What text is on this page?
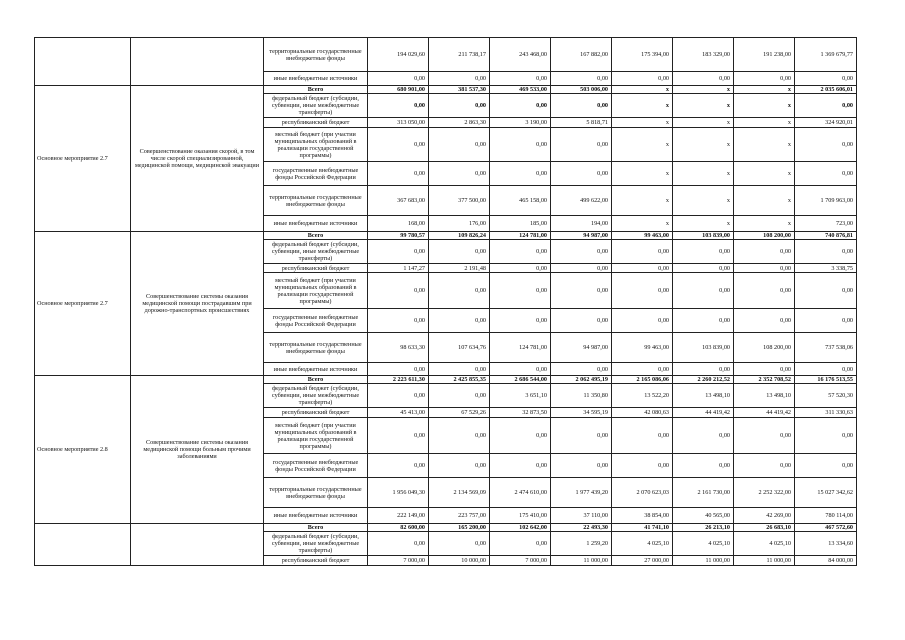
		территориальные государственные внебюджетные фонды	194 029,60	211 738,17	243 468,00	167 882,00	175 394,00	183 329,00	191 238,00	1 369 679,77
		иные внебюджетные источники	0,00	0,00	0,00	0,00	0,00	0,00	0,00	0,00
Основное мероприятие 2.7	Совершенствование оказания скорой, в том числе скорой специализированной, медицинской помощи, медицинской эвакуации	Всего	680 901,00	381 537,30	469 533,00	503 006,00	x	x	x	2 035 606,01
		федеральный бюджет (субсидии, субвенции, иные межбюджетные трансферты)	0,00	0,00	0,00	0,00	x	x	x	0,00
		республиканский бюджет	313 050,00	2 863,30	3 190,00	5 818,71	x	x	x	324 920,01
		местный бюджет (при участии муниципальных образований в реализации государственной программы)	0,00	0,00	0,00	0,00	x	x	x	0,00
		государственные внебюджетные фонды Российской Федерации	0,00	0,00	0,00	0,00	x	x	x	0,00
		территориальные государственные внебюджетные фонды	367 683,00	377 500,00	465 158,00	499 622,00	x	x	x	1 709 963,00
		иные внебюджетные источники	168,00	176,00	185,00	194,00	x	x	x	723,00
Основное мероприятие 2.7	Совершенствование системы оказания медицинской помощи пострадавшим при дорожно-транспортных происшествиях	Всего	99 780,57	109 826,24	124 781,00	94 987,00	99 463,00	103 839,00	108 200,00	740 876,81
		федеральный бюджет (субсидии, субвенции, иные межбюджетные трансферты)	0,00	0,00	0,00	0,00	0,00	0,00	0,00	0,00
		республиканский бюджет	1 147,27	2 191,48	0,00	0,00	0,00	0,00	0,00	3 338,75
		местный бюджет (при участии муниципальных образований в реализации государственной программы)	0,00	0,00	0,00	0,00	0,00	0,00	0,00	0,00
		государственные внебюджетные фонды Российской Федерации	0,00	0,00	0,00	0,00	0,00	0,00	0,00	0,00
		территориальные государственные внебюджетные фонды	98 633,30	107 634,76	124 781,00	94 987,00	99 463,00	103 839,00	108 200,00	737 538,06
		иные внебюджетные источники	0,00	0,00	0,00	0,00	0,00	0,00	0,00	0,00
Основное мероприятие 2.8	Совершенствование системы оказания медицинской помощи больным прочими заболеваниями	Всего	2 223 611,30	2 425 855,35	2 686 544,00	2 062 495,19	2 165 086,06	2 260 212,52	2 352 708,52	16 176 513,55
		федеральный бюджет (субсидии, субвенции, иные межбюджетные трансферты)	0,00	0,00	3 651,10	11 350,80	13 522,20	13 498,10	13 498,10	57 520,30
		республиканский бюджет	45 413,00	67 529,26	32 873,50	34 595,19	42 080,63	44 419,42	44 419,42	311 330,63
		местный бюджет (при участии муниципальных образований в реализации государственной программы)	0,00	0,00	0,00	0,00	0,00	0,00	0,00	0,00
		государственные внебюджетные фонды Российской Федерации	0,00	0,00	0,00	0,00	0,00	0,00	0,00	0,00
		территориальные государственные внебюджетные фонды	1 956 049,30	2 134 569,09	2 474 610,00	1 977 439,20	2 070 623,03	2 161 730,00	2 252 322,00	15 027 342,62
		иные внебюджетные источники	222 149,00	223 757,00	175 410,00	37 110,00	38 854,00	40 565,00	42 269,00	780 114,00
		Всего	82 600,00	165 200,00	102 642,00	22 493,30	41 741,10	26 213,10	26 683,10	467 572,60
		федеральный бюджет (субсидии, субвенции, иные межбюджетные трансферты)	0,00	0,00	0,00	1 259,20	4 025,10	4 025,10	4 025,10	13 334,60
		республиканский бюджет	7 000,00	10 000,00	7 000,00	11 000,00	27 000,00	11 000,00	11 000,00	84 000,00
